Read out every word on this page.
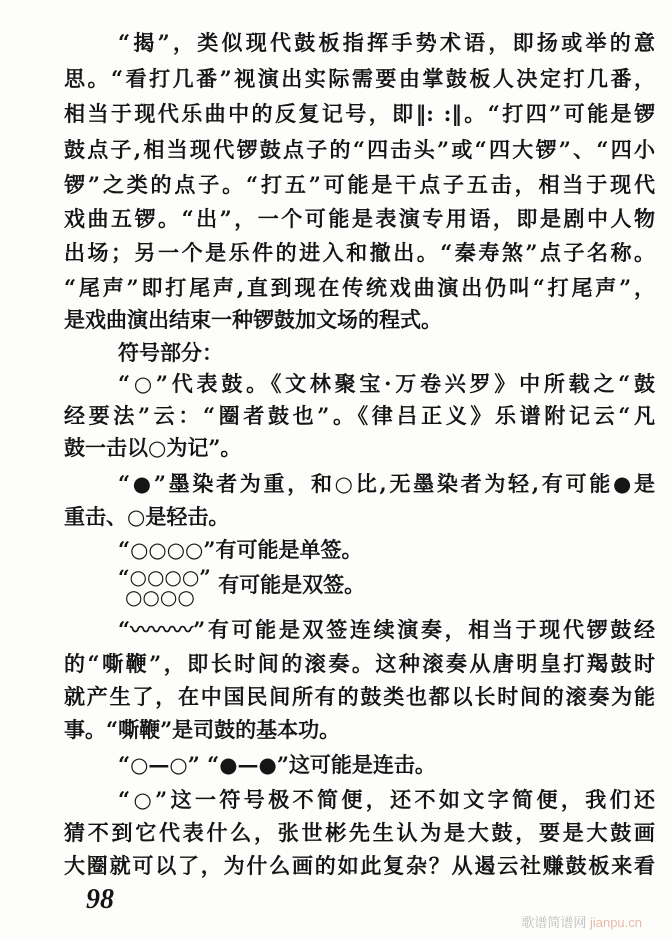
“揭”，类似现代鼓板指挥手势术语，即扬或举的意
思。“看打几番”视演出实际需要由掌鼓板人决定打几番，
相当于现代乐曲中的反复记号，即‖: :‖。“打四”可能是锣
鼓点子,相当现代锣鼓点子的“四击头”或“四大锣”、“四小
锣”之类的点子。“打五”可能是干点子五击，相当于现代
戏曲五锣。“出”，一个可能是表演专用语，即是剧中人物
出场；另一个是乐件的进入和撤出。“秦寿煞”点子名称。
“尾声”即打尾声,直到现在传统戏曲演出仍叫“打尾声”，
是戏曲演出结束一种锣鼓加文场的程式。
符号部分：
“○”代表鼓。《文林聚宝·万卷兴罗》中所载之“鼓
经要法”云：“圈者鼓也”。《律吕正义》乐谱附记云“凡
鼓一击以○为记”。
“●”墨染者为重，和○比,无墨染者为轻,有可能●是
重击、○是轻击。
“○○○○”有可能是单签。
“〰〰〰”有可能是双签连续演奏，相当于现代锣鼓经
的“嘶鞭”，即长时间的滚奏。这种滚奏从唐明皇打羯鼓时
就产生了，在中国民间所有的鼓类也都以长时间的滚奏为能
事。“嘶鞭”是司鼓的基本功。
“○—○” “●—●”这可能是连击。
“○”这一符号极不简便，还不如文字简便，我们还
猜不到它代表什么，张世彬先生认为是大鼓，要是大鼓画
大圈就可以了，为什么画的如此复杂？从遏云社赚鼓板来看
“○○○○”
○○○○ 有可能是双签。
98
歌谱简谱网 jianpu.cn
